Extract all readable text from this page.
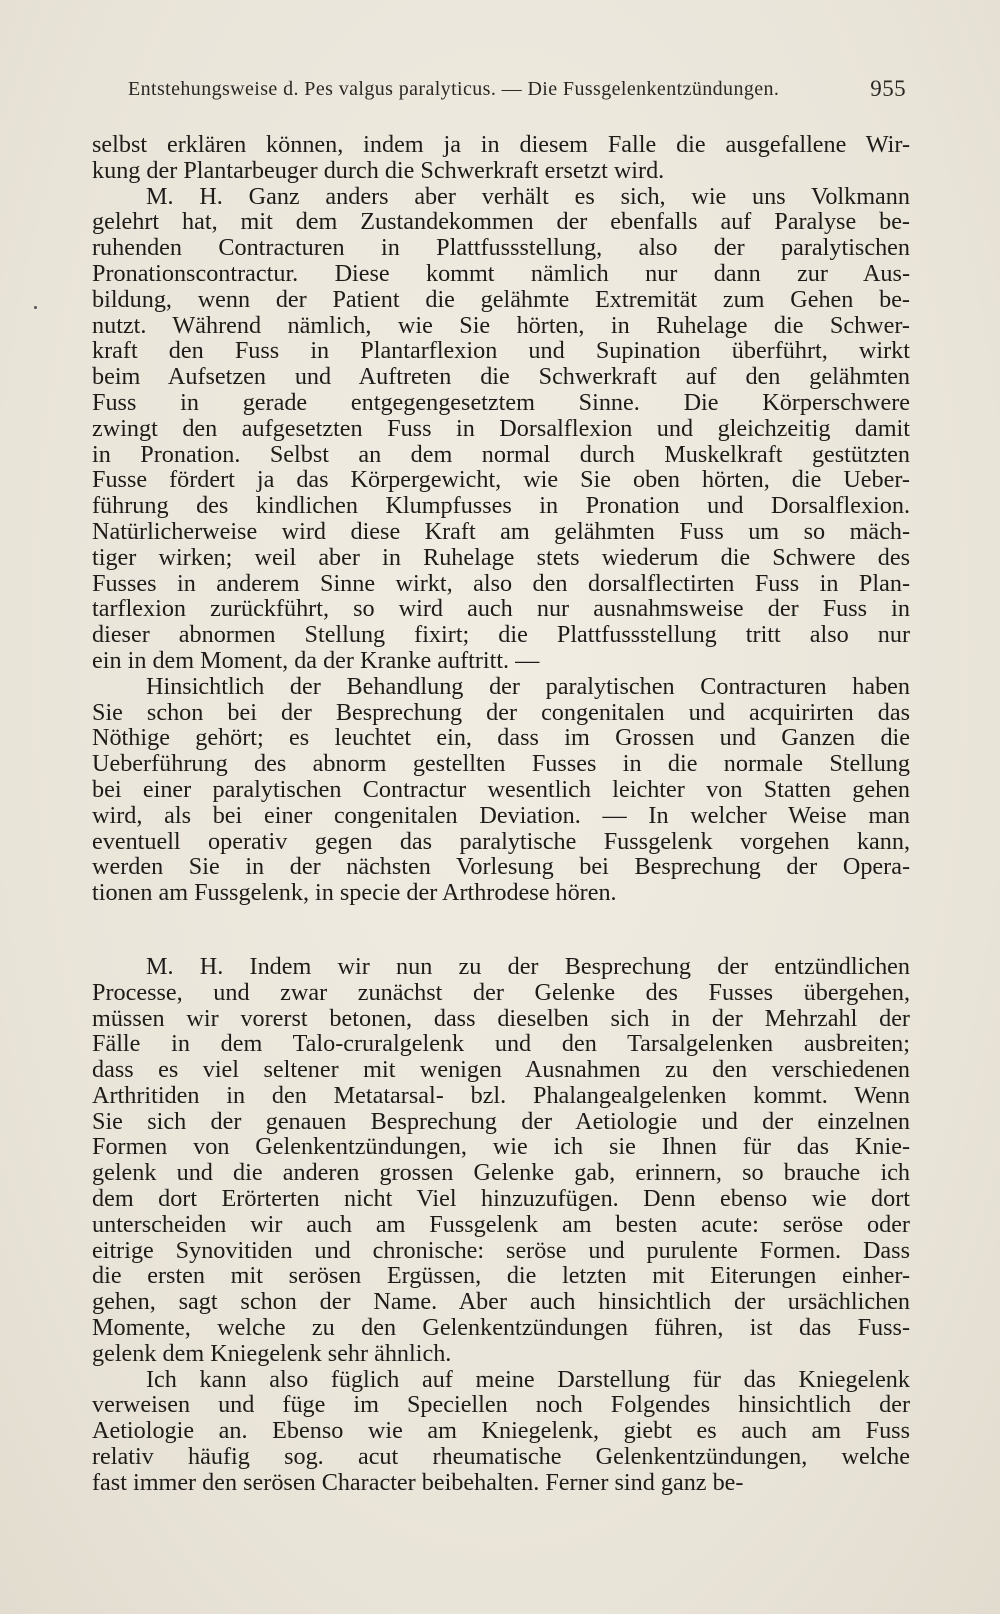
Entstehungsweise d. Pes valgus paralyticus. — Die Fussgelenkentzündungen.	955
selbst erklären können, indem ja in diesem Falle die ausgefallene Wir-
kung der Plantarbeuger durch die Schwerkraft ersetzt wird.
M. H. Ganz anders aber verhält es sich, wie uns Volkmann
gelehrt hat, mit dem Zustandekommen der ebenfalls auf Paralyse be-
ruhenden Contracturen in Plattfussstellung, also der paralytischen
Pronationscontractur. Diese kommt nämlich nur dann zur Aus-
bildung, wenn der Patient die gelähmte Extremität zum Gehen be-
nutzt. Während nämlich, wie Sie hörten, in Ruhelage die Schwer-
kraft den Fuss in Plantarflexion und Supination überführt, wirkt
beim Aufsetzen und Auftreten die Schwerkraft auf den gelähmten
Fuss in gerade entgegengesetztem Sinne. Die Körperschwere
zwingt den aufgesetzten Fuss in Dorsalflexion und gleichzeitig damit
in Pronation. Selbst an dem normal durch Muskelkraft gestützten
Fusse fördert ja das Körpergewicht, wie Sie oben hörten, die Ueber-
führung des kindlichen Klumpfusses in Pronation und Dorsalflexion.
Natürlicherweise wird diese Kraft am gelähmten Fuss um so mäch-
tiger wirken; weil aber in Ruhelage stets wiederum die Schwere des
Fusses in anderem Sinne wirkt, also den dorsalflectirten Fuss in Plan-
tarflexion zurückführt, so wird auch nur ausnahmsweise der Fuss in
dieser abnormen Stellung fixirt; die Plattfussstellung tritt also nur
ein in dem Moment, da der Kranke auftritt. —
Hinsichtlich der Behandlung der paralytischen Contracturen haben
Sie schon bei der Besprechung der congenitalen und acquirirten das
Nöthige gehört; es leuchtet ein, dass im Grossen und Ganzen die
Ueberführung des abnorm gestellten Fusses in die normale Stellung
bei einer paralytischen Contractur wesentlich leichter von Statten gehen
wird, als bei einer congenitalen Deviation. — In welcher Weise man
eventuell operativ gegen das paralytische Fussgelenk vorgehen kann,
werden Sie in der nächsten Vorlesung bei Besprechung der Opera-
tionen am Fussgelenk, in specie der Arthrodese hören.
M. H. Indem wir nun zu der Besprechung der entzündlichen
Processe, und zwar zunächst der Gelenke des Fusses übergehen,
müssen wir vorerst betonen, dass dieselben sich in der Mehrzahl der
Fälle in dem Talo-cruralgelenk und den Tarsalgelenken ausbreiten;
dass es viel seltener mit wenigen Ausnahmen zu den verschiedenen
Arthritiden in den Metatarsal- bzl. Phalangealgelenken kommt. Wenn
Sie sich der genauen Besprechung der Aetiologie und der einzelnen
Formen von Gelenkentzündungen, wie ich sie Ihnen für das Knie-
gelenk und die anderen grossen Gelenke gab, erinnern, so brauche ich
dem dort Erörterten nicht Viel hinzuzufügen. Denn ebenso wie dort
unterscheiden wir auch am Fussgelenk am besten acute: seröse oder
eitrige Synovitiden und chronische: seröse und purulente Formen. Dass
die ersten mit serösen Ergüssen, die letzten mit Eiterungen einher-
gehen, sagt schon der Name. Aber auch hinsichtlich der ursächlichen
Momente, welche zu den Gelenkentzündungen führen, ist das Fuss-
gelenk dem Kniegelenk sehr ähnlich.
Ich kann also füglich auf meine Darstellung für das Kniegelenk
verweisen und füge im Speciellen noch Folgendes hinsichtlich der
Aetiologie an. Ebenso wie am Kniegelenk, giebt es auch am Fuss
relativ häufig sog. acut rheumatische Gelenkentzündungen, welche
fast immer den serösen Character beibehalten. Ferner sind ganz be-
